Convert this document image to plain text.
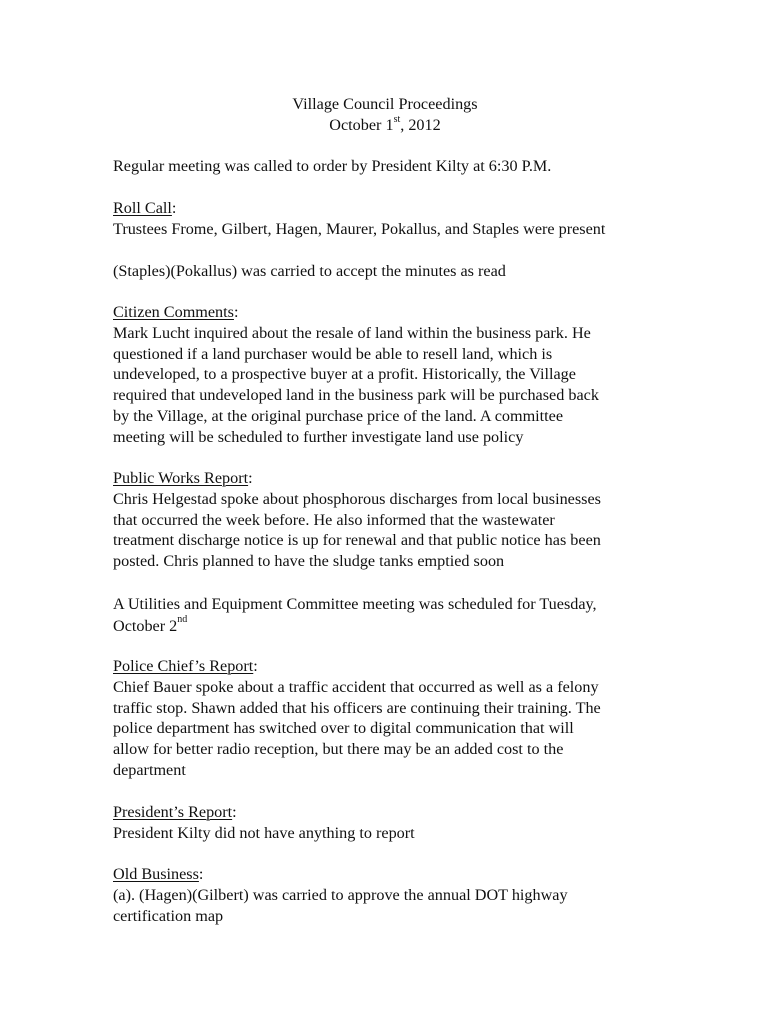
Village Council Proceedings
October 1st, 2012

Regular meeting was called to order by President Kilty at 6:30 P.M.

Roll Call:

Trustees Frome, Gilbert, Hagen, Maurer, Pokallus, and Staples were present

(Staples)(Pokallus) was carried to accept the minutes as read

Citizen Comments:

Mark Lucht inquired about the resale of land within the business park. He

questioned if a land purchaser would be able to resell land, which is

undeveloped, to a prospective buyer at a profit. Historically, the Village

required that undeveloped land in the business park will be purchased back

by the Village, at the original purchase price of the land. A committee

meeting will be scheduled to further investigate land use policy

Public Works Report:

Chris Helgestad spoke about phosphorous discharges from local businesses

that occurred the week before. He also informed that the wastewater

treatment discharge notice is up for renewal and that public notice has been

posted. Chris planned to have the sludge tanks emptied soon

A Utilities and Equipment Committee meeting was scheduled for Tuesday,

October 2nd

Police Chief’s Report:

Chief Bauer spoke about a traffic accident that occurred as well as a felony

traffic stop. Shawn added that his officers are continuing their training. The

police department has switched over to digital communication that will

allow for better radio reception, but there may be an added cost to the

department

President’s Report:

President Kilty did not have anything to report

Old Business:

(a). (Hagen)(Gilbert) was carried to approve the annual DOT highway

certification map
